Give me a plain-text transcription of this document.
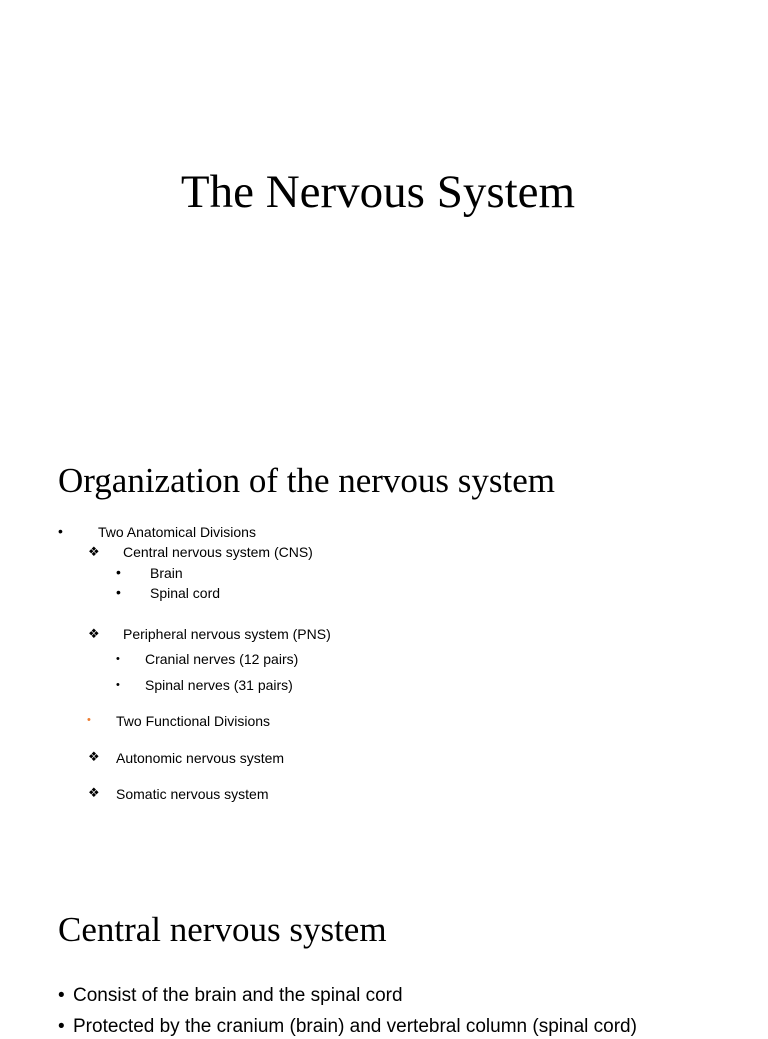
The Nervous System
Organization of the nervous system
•	Two Anatomical Divisions
❖ Central nervous system (CNS)
• Brain
• Spinal cord
❖ Peripheral nervous system (PNS)
• Cranial nerves (12 pairs)
• Spinal nerves (31 pairs)
• Two Functional Divisions
❖ Autonomic nervous system
❖ Somatic nervous system
Central nervous system
• Consist of the brain and the spinal cord
• Protected by the cranium (brain) and vertebral column (spinal cord)
